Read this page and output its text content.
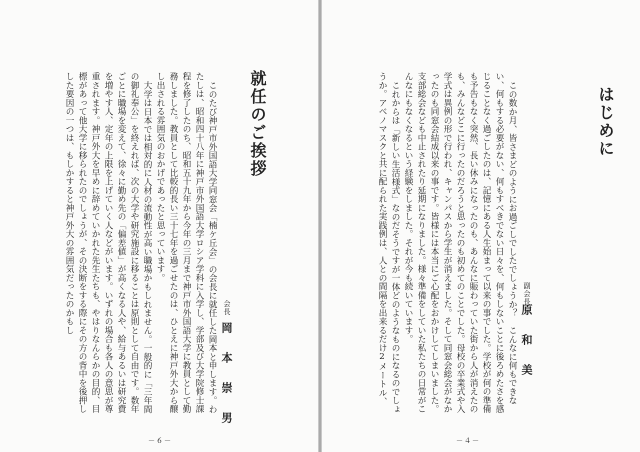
就任のご挨拶
会長
岡　本　崇　男

このたび神戸市外国語大学同窓会「楠ケ丘会」の会長に就任した岡本と申します。わたしは、昭和四十八年に神戸市外国語大学ロシア学科に入学し、学部及び大学院修士課程を修了したのち、昭和五十九年から今年の三月まで神戸市外国語大学に教員として勤務しました。教員として比較的長い三十七年を過ごせたのは、ひとえに神戸外大から醸し出される雰囲気のおかげであったと思っています。

大学は日本では相対的に人材の流動性が高い職場かもしれません。一般的に「三年間の御礼奉公」を終えれば、次の大学や研究施設に移ることは原則として自由です。数年ごとに職場を変えて、徐々に勤め先の「偏差値」が高くなる人や、給与あるいは研究費を増やす人、定年の上限を上げていく人などがいます。いずれの場合も各人の意思が尊重されます。神戸外大を早めに辞めていかれた先生たちも、やはりなんらかの目的、目標があって他大学に移られたのでしょうが、その決断をする際にその方の背中を後押しした要因の一つは、もしかすると神戸外大の雰囲気だったのかもし

－６－
はじめに
副会長
原　和　美

この数か月、皆さまどのようにお過ごしでしたでしょうか？　こんなに何もできない、何もする必要がない、何もすべきでない日々を、何もしないことに後ろめたさを感じることなく過ごしたのは、記憶にある人生始まって以来の事でした。学校が何の準備も予告もなく突然、長い休みになったのも、あんなに賑わっていた街から人が消えたのも、みんなどこに行ったのだろうと思ったのも初めてのことでした。母校の卒業式や入学式は異例の形で行われ、キャンパスから学生が消えました。そして同窓会総会がなかったのも同窓会結成以来の事です。皆様には本当にご心配をおかけしてしまいました。支部総会なども中止されたり延期になりました。様々準備をしていた私たちの日常がこんなにもなくなるという経験をしました。それが今も続いています。

これからは「新しい生活様式」なのだそうですが一体どのようなものになるのでしょうか。アベノマスクと共に配られた実践例は、人との間隔を出来るだけ2メートル、

－４－
